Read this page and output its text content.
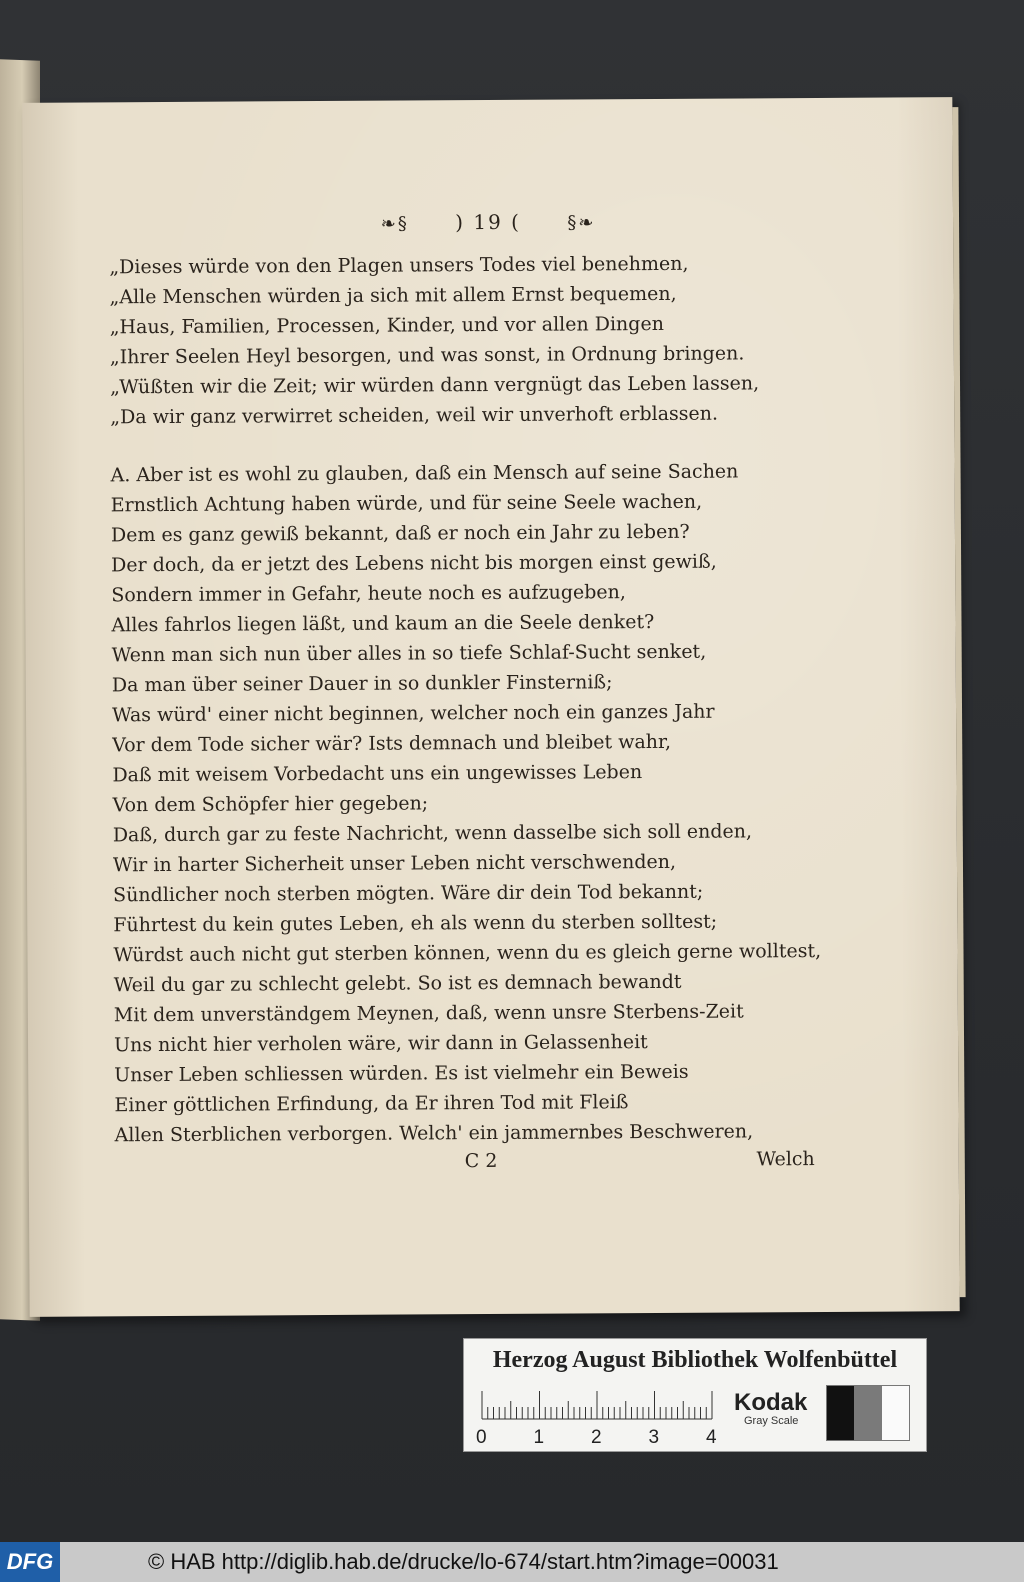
❧§ ) 19 (	§❧
„Dieses würde von den Plagen unsers Todes viel benehmen,
„Alle Menschen würden ja sich mit allem Ernst bequemen,
„Haus, Familien, Processen, Kinder, und vor allen Dingen
„Ihrer Seelen Heyl besorgen, und was sonst, in Ordnung bringen.
„Wüßten wir die Zeit; wir würden dann vergnügt das Leben lassen,
„Da wir ganz verwirret scheiden, weil wir unverhoft erblassen.
A. Aber ist es wohl zu glauben, daß ein Mensch auf seine Sachen
Ernstlich Achtung haben würde, und für seine Seele wachen,
Dem es ganz gewiß bekannt, daß er noch ein Jahr zu leben?
Der doch, da er jetzt des Lebens nicht bis morgen einst gewiß,
Sondern immer in Gefahr, heute noch es aufzugeben,
Alles fahrlos liegen läßt, und kaum an die Seele denket?
Wenn man sich nun über alles in so tiefe Schlaf-Sucht senket,
Da man über seiner Dauer in so dunkler Finsterniß;
Was würd' einer nicht beginnen, welcher noch ein ganzes Jahr
Vor dem Tode sicher wär? Ists demnach und bleibet wahr,
Daß mit weisem Vorbedacht uns ein ungewisses Leben
Von dem Schöpfer hier gegeben;
Daß, durch gar zu feste Nachricht, wenn dasselbe sich soll enden,
Wir in harter Sicherheit unser Leben nicht verschwenden,
Sündlicher noch sterben mögten. Wäre dir dein Tod bekannt;
Führtest du kein gutes Leben, eh als wenn du sterben solltest;
Würdst auch nicht gut sterben können, wenn du es gleich gerne wolltest,
Weil du gar zu schlecht gelebt. So ist es demnach bewandt
Mit dem unverständgem Meynen, daß, wenn unsre Sterbens-Zeit
Uns nicht hier verholen wäre, wir dann in Gelassenheit
Unser Leben schliessen würden. Es ist vielmehr ein Beweis
Einer göttlichen Erfindung, da Er ihren Tod mit Fleiß
Allen Sterblichen verborgen. Welch' ein jammernbes Beschweren,
C 2	Welch
Herzog August Bibliothek Wolfenbüttel
0 1 2 3 4
Kodak
Gray Scale
DFG	© HAB http://diglib.hab.de/drucke/lo-674/start.htm?image=00031
